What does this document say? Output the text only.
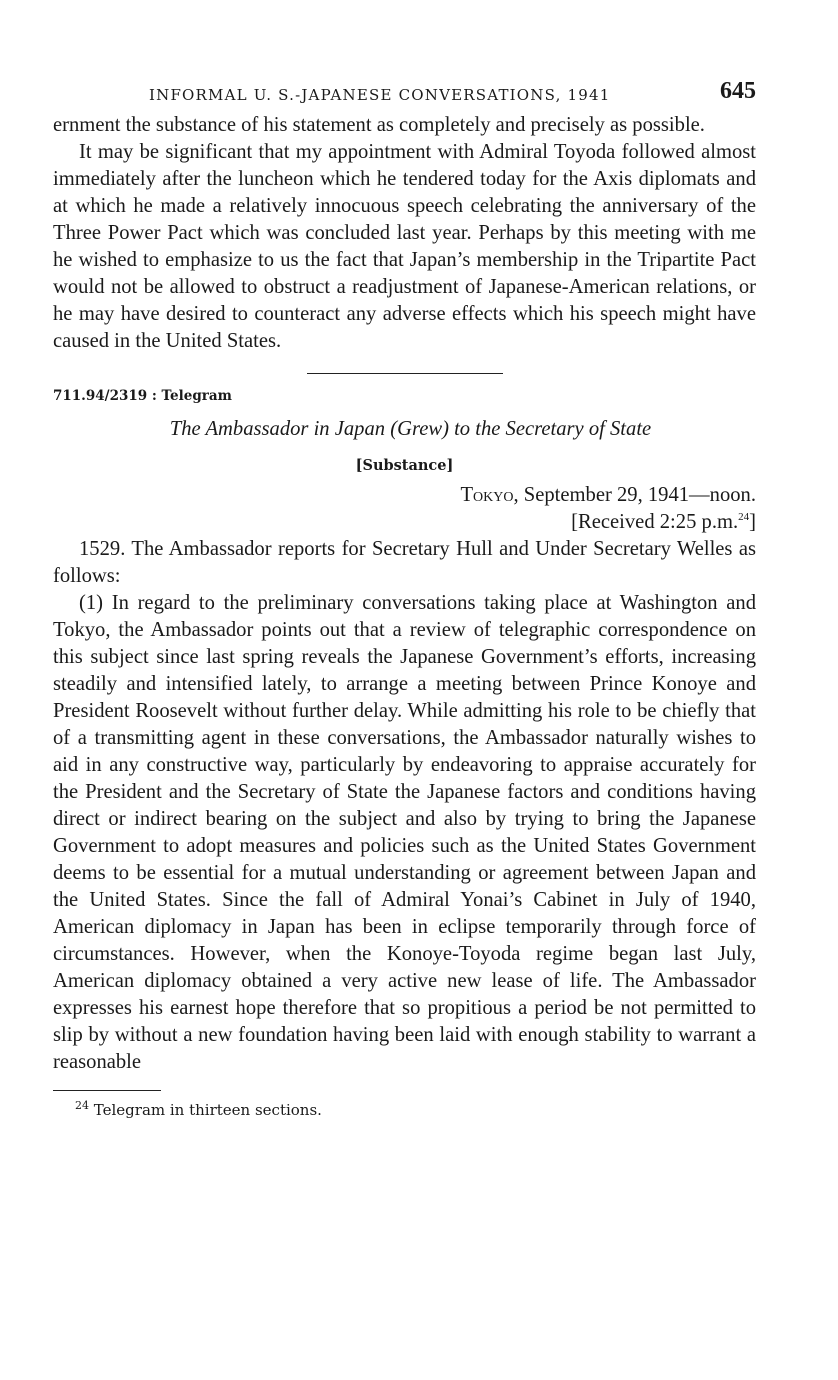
INFORMAL U. S.-JAPANESE CONVERSATIONS, 1941	645

ernment the substance of his statement as completely and precisely as possible.

It may be significant that my appointment with Admiral Toyoda followed almost immediately after the luncheon which he tendered today for the Axis diplomats and at which he made a relatively innocuous speech celebrating the anniversary of the Three Power Pact which was concluded last year. Perhaps by this meeting with me he wished to emphasize to us the fact that Japan’s membership in the Tripartite Pact would not be allowed to obstruct a readjustment of Japanese-American relations, or he may have desired to counteract any adverse effects which his speech might have caused in the United States.

711.94/2319 : Telegram
The Ambassador in Japan (Grew) to the Secretary of State
[Substance]
Tokyo, September 29, 1941—noon.
[Received 2:25 p.m.$^{24}$]

1529. The Ambassador reports for Secretary Hull and Under Secretary Welles as follows:

(1) In regard to the preliminary conversations taking place at Washington and Tokyo, the Ambassador points out that a review of telegraphic correspondence on this subject since last spring reveals the Japanese Government’s efforts, increasing steadily and intensified lately, to arrange a meeting between Prince Konoye and President Roosevelt without further delay. While admitting his role to be chiefly that of a transmitting agent in these conversations, the Ambassador naturally wishes to aid in any constructive way, particularly by endeavoring to appraise accurately for the President and the Secretary of State the Japanese factors and conditions having direct or indirect bearing on the subject and also by trying to bring the Japanese Government to adopt measures and policies such as the United States Government deems to be essential for a mutual understanding or agreement between Japan and the United States. Since the fall of Admiral Yonai’s Cabinet in July of 1940, American diplomacy in Japan has been in eclipse temporarily through force of circumstances. However, when the Konoye-Toyoda regime began last July, American diplomacy obtained a very active new lease of life. The Ambassador expresses his earnest hope therefore that so propitious a period be not permitted to slip by without a new foundation having been laid with enough stability to warrant a reasonable

$^{24}$ Telegram in thirteen sections.
